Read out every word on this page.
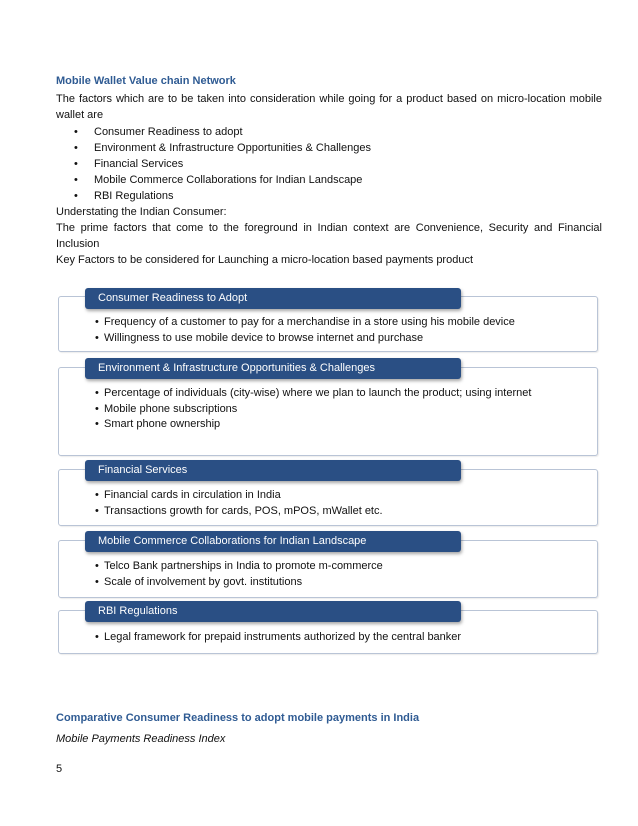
Mobile Wallet Value chain Network
The factors which are to be taken into consideration while going for a product based on micro-location mobile wallet are
• Consumer Readiness to adopt
• Environment & Infrastructure Opportunities & Challenges
• Financial Services
• Mobile Commerce Collaborations for Indian Landscape
• RBI Regulations
Understating the Indian Consumer:
The prime factors that come to the foreground in Indian context are Convenience, Security and Financial Inclusion
Key Factors to be considered for Launching a micro-location based payments product
• Frequency of a customer to pay for a merchandise in a store using his mobile device
• Willingness to use mobile device to browse internet and purchase
Consumer Readiness to Adopt
• Percentage of individuals (city-wise) where we plan to launch the product; using internet
• Mobile phone subscriptions
• Smart phone ownership
Environment & Infrastructure Opportunities & Challenges
• Financial cards in circulation in India
• Transactions growth for cards, POS, mPOS, mWallet etc.
Financial Services
• Telco Bank partnerships in India to promote m-commerce
• Scale of involvement by govt. institutions
Mobile Commerce Collaborations for Indian Landscape
• Legal framework for prepaid instruments authorized by the central banker
RBI Regulations
Comparative Consumer Readiness to adopt mobile payments in India
Mobile Payments Readiness Index
5
